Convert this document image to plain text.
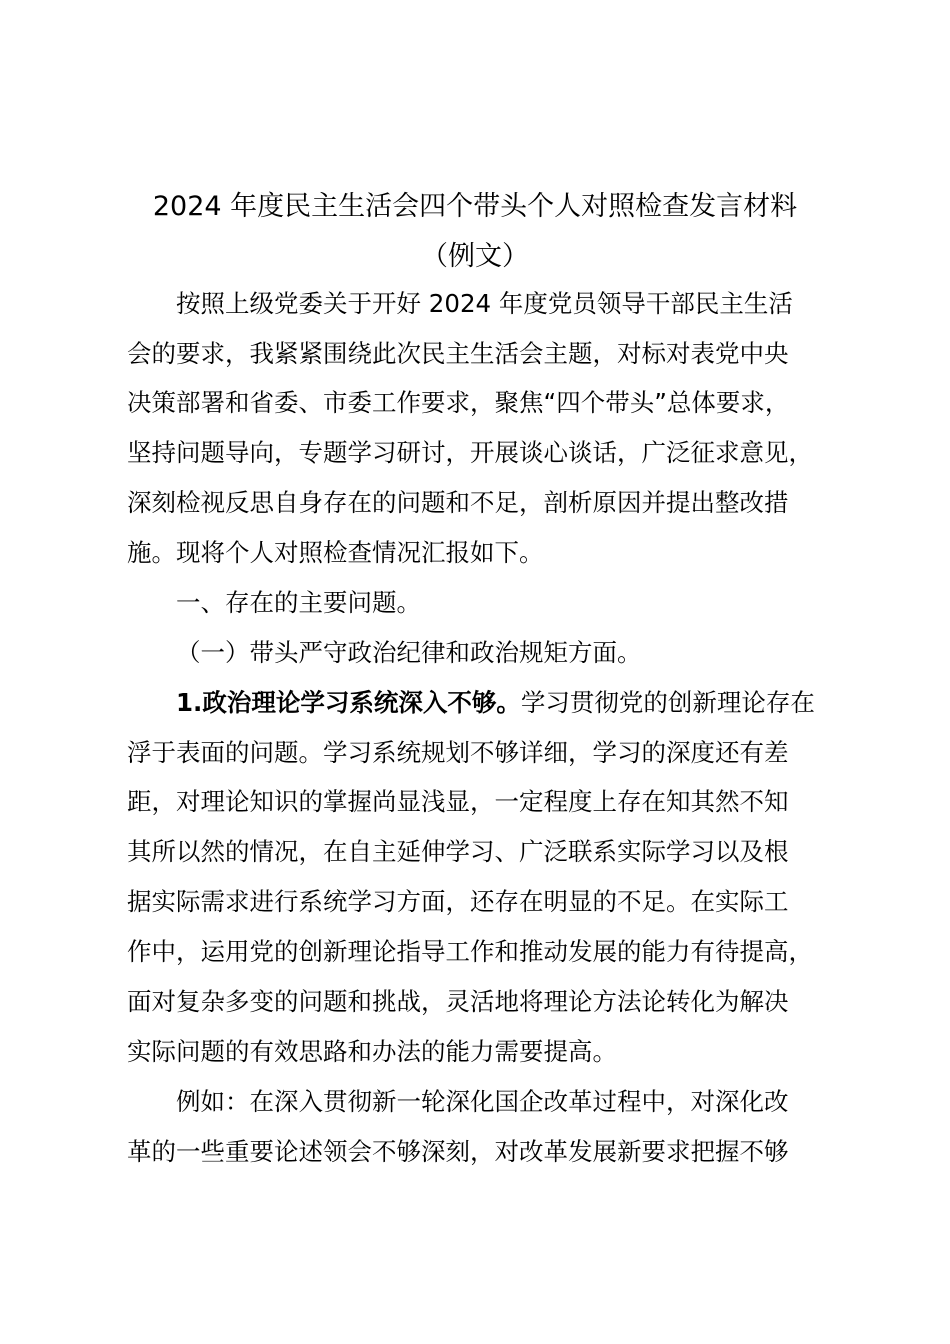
2024 年度民主生活会四个带头个人对照检查发言材料
（例文）
按照上级党委关于开好 2024 年度党员领导干部民主生活
会的要求，我紧紧围绕此次民主生活会主题，对标对表党中央
决策部署和省委、市委工作要求，聚焦“四个带头”总体要求，
坚持问题导向，专题学习研讨，开展谈心谈话，广泛征求意见，
深刻检视反思自身存在的问题和不足，剖析原因并提出整改措
施。现将个人对照检查情况汇报如下。
一、存在的主要问题。
（一）带头严守政治纪律和政治规矩方面。
1.政治理论学习系统深入不够。学习贯彻党的创新理论存在
浮于表面的问题。学习系统规划不够详细，学习的深度还有差
距，对理论知识的掌握尚显浅显，一定程度上存在知其然不知
其所以然的情况，在自主延伸学习、广泛联系实际学习以及根
据实际需求进行系统学习方面，还存在明显的不足。在实际工
作中，运用党的创新理论指导工作和推动发展的能力有待提高，
面对复杂多变的问题和挑战，灵活地将理论方法论转化为解决
实际问题的有效思路和办法的能力需要提高。
例如：在深入贯彻新一轮深化国企改革过程中，对深化改
革的一些重要论述领会不够深刻，对改革发展新要求把握不够
